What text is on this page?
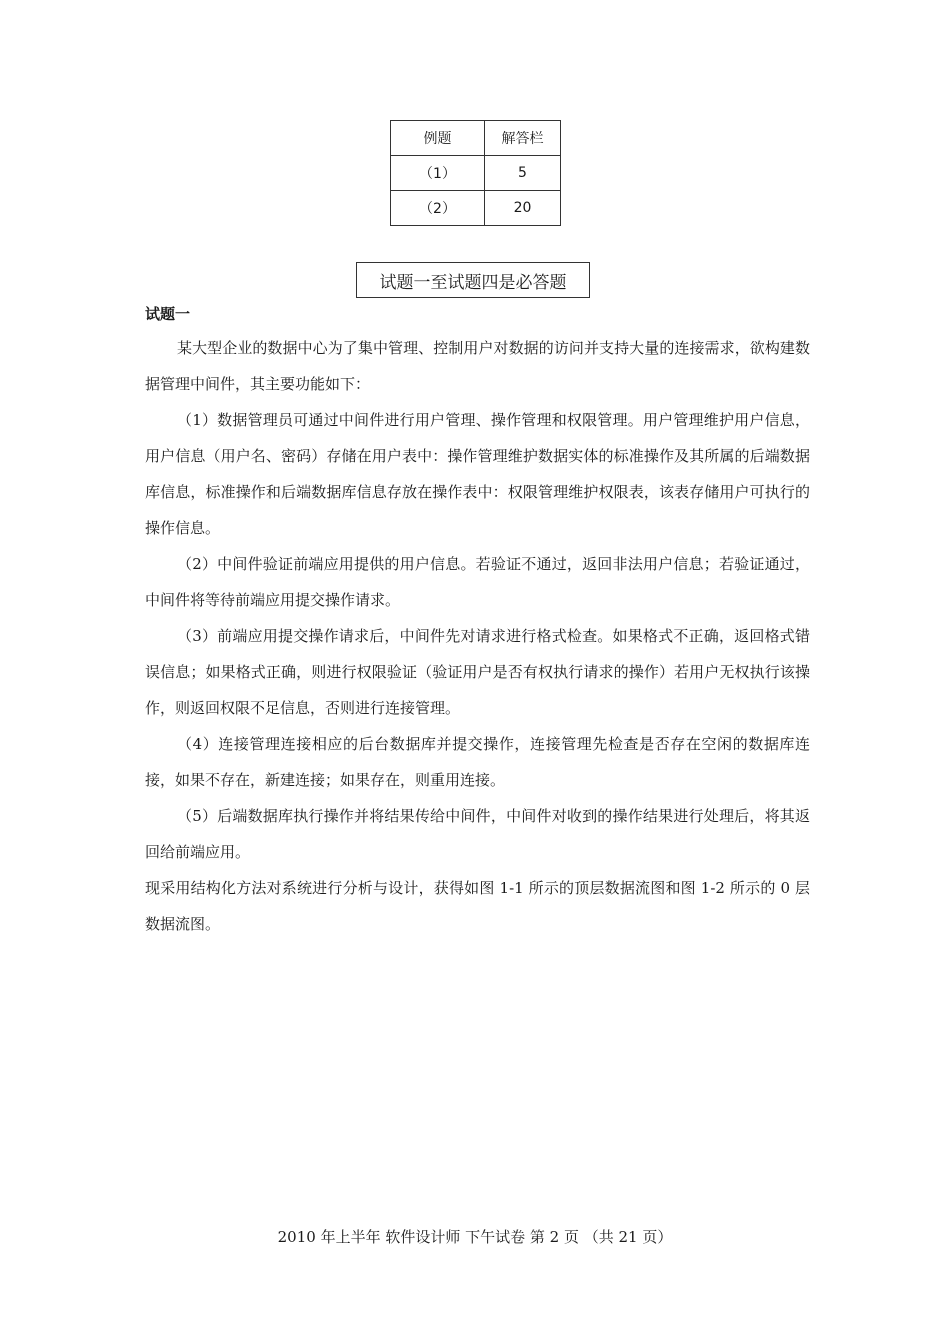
例题	解答栏
（1）	5
（2）	20
试题一至试题四是必答题
试题一

某大型企业的数据中心为了集中管理、控制用户对数据的访问并支持大量的连接需求，欲构建数据管理中间件，其主要功能如下：

（1）数据管理员可通过中间件进行用户管理、操作管理和权限管理。用户管理维护用户信息，用户信息（用户名、密码）存储在用户表中：操作管理维护数据实体的标准操作及其所属的后端数据库信息，标准操作和后端数据库信息存放在操作表中：权限管理维护权限表，该表存储用户可执行的操作信息。

（2）中间件验证前端应用提供的用户信息。若验证不通过，返回非法用户信息；若验证通过，中间件将等待前端应用提交操作请求。

（3）前端应用提交操作请求后，中间件先对请求进行格式检查。如果格式不正确，返回格式错误信息；如果格式正确，则进行权限验证（验证用户是否有权执行请求的操作）若用户无权执行该操作，则返回权限不足信息，否则进行连接管理。

（4）连接管理连接相应的后台数据库并提交操作，连接管理先检查是否存在空闲的数据库连接，如果不存在，新建连接；如果存在，则重用连接。

（5）后端数据库执行操作并将结果传给中间件，中间件对收到的操作结果进行处理后，将其返回给前端应用。

现采用结构化方法对系统进行分析与设计，获得如图 1-1 所示的顶层数据流图和图 1-2 所示的 0 层数据流图。

2010 年上半年 软件设计师 下午试卷 第 2 页 （共 21 页）
